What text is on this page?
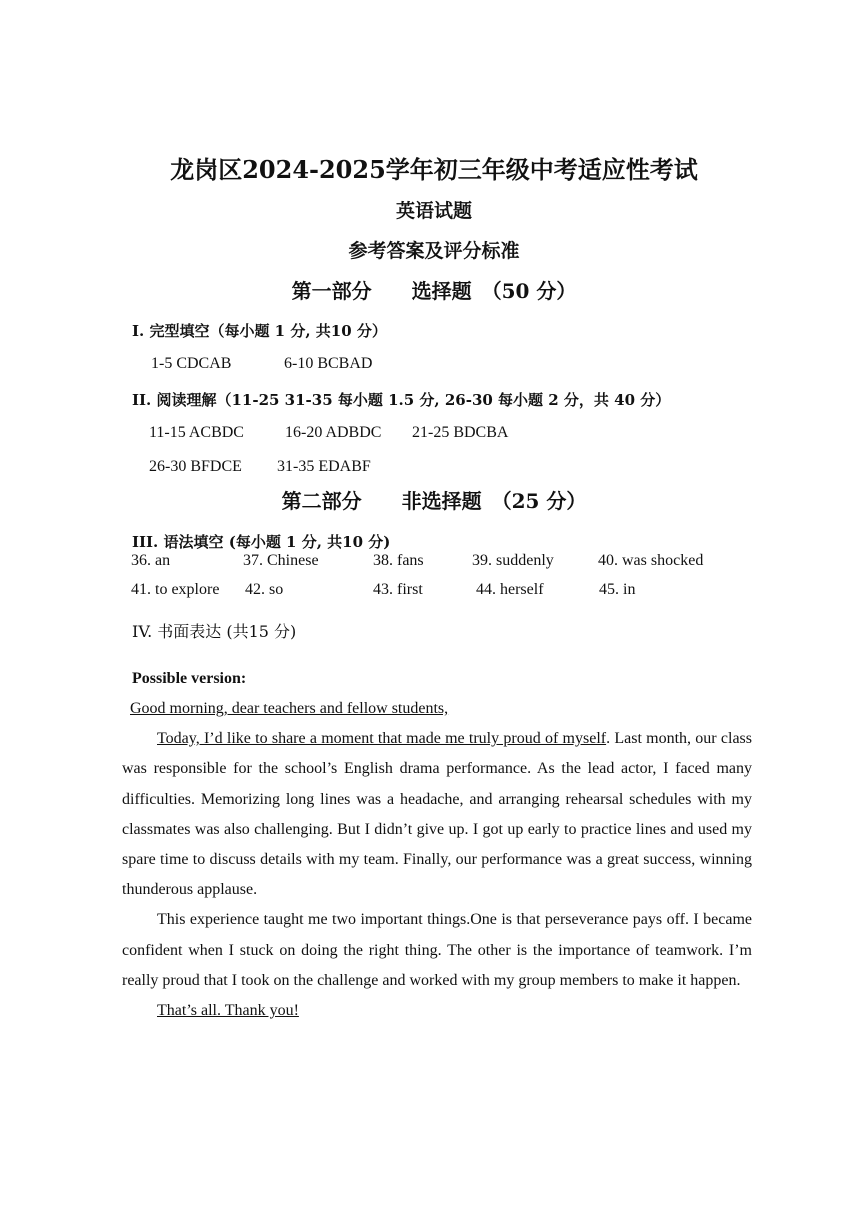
龙岗区2024-2025学年初三年级中考适应性考试
英语试题
参考答案及评分标准
第一部分　　选择题　（50 分）
I. 完型填空（每小题 1 分, 共10 分）
1-5 CDCAB	6-10 BCBAD
II. 阅读理解（11-25 31-35 每小题 1.5 分, 26-30 每小题 2 分，共 40 分）
11-15 ACBDC	16-20 ADBDC 21-25 BDCBA
26-30 BFDCE 31-35 EDABF
第二部分　　非选择题　（25 分）
III. 语法填空 (每小题 1 分, 共10 分)
36. an	37. Chinese	38. fans	39. suddenly	40. was shocked
41. to explore 42. so	43. first	44. herself	45. in
IV. 书面表达 (共15 分)
Possible version:

Good morning, dear teachers and fellow students,

Today, I’d like to share a moment that made me truly proud of myself. Last month, our class was responsible for the school’s English drama performance. As the lead actor, I faced many difficulties. Memorizing long lines was a headache, and arranging rehearsal schedules with my classmates was also challenging. But I didn’t give up. I got up early to practice lines and used my spare time to discuss details with my team. Finally, our performance was a great success, winning thunderous applause.

This experience taught me two important things.One is that perseverance pays off. I became confident when I stuck on doing the right thing. The other is the importance of teamwork. I’m really proud that I took on the challenge and worked with my group members to make it happen.

That’s all. Thank you!
